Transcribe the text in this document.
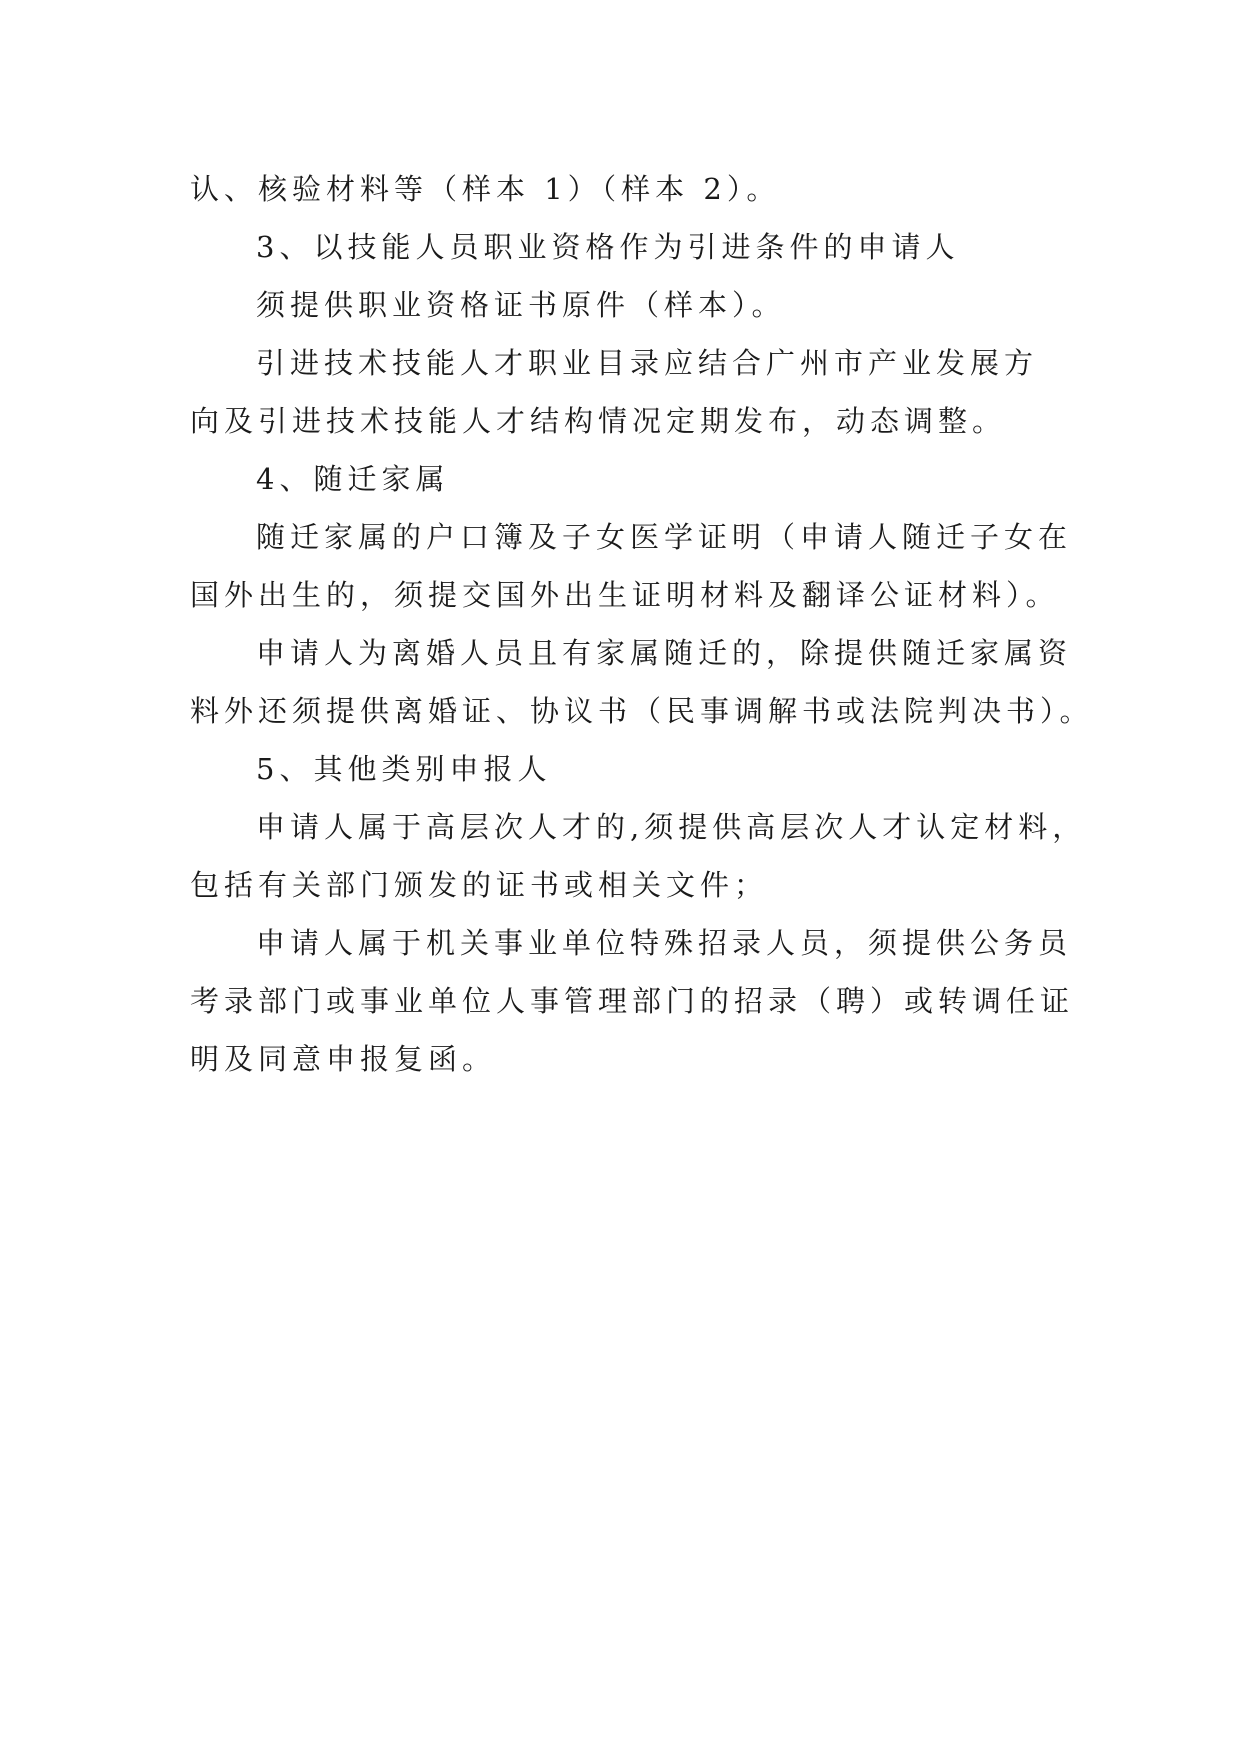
认、核验材料等（样本 1）（样本 2）。
3、以技能人员职业资格作为引进条件的申请人
须提供职业资格证书原件（样本）。
引进技术技能人才职业目录应结合广州市产业发展方
向及引进技术技能人才结构情况定期发布，动态调整。
4、随迁家属
随迁家属的户口簿及子女医学证明（申请人随迁子女在
国外出生的，须提交国外出生证明材料及翻译公证材料）。
申请人为离婚人员且有家属随迁的，除提供随迁家属资
料外还须提供离婚证、协议书（民事调解书或法院判决书）。
5、其他类别申报人
申请人属于高层次人才的,须提供高层次人才认定材料，
包括有关部门颁发的证书或相关文件；
申请人属于机关事业单位特殊招录人员，须提供公务员
考录部门或事业单位人事管理部门的招录（聘）或转调任证
明及同意申报复函。
